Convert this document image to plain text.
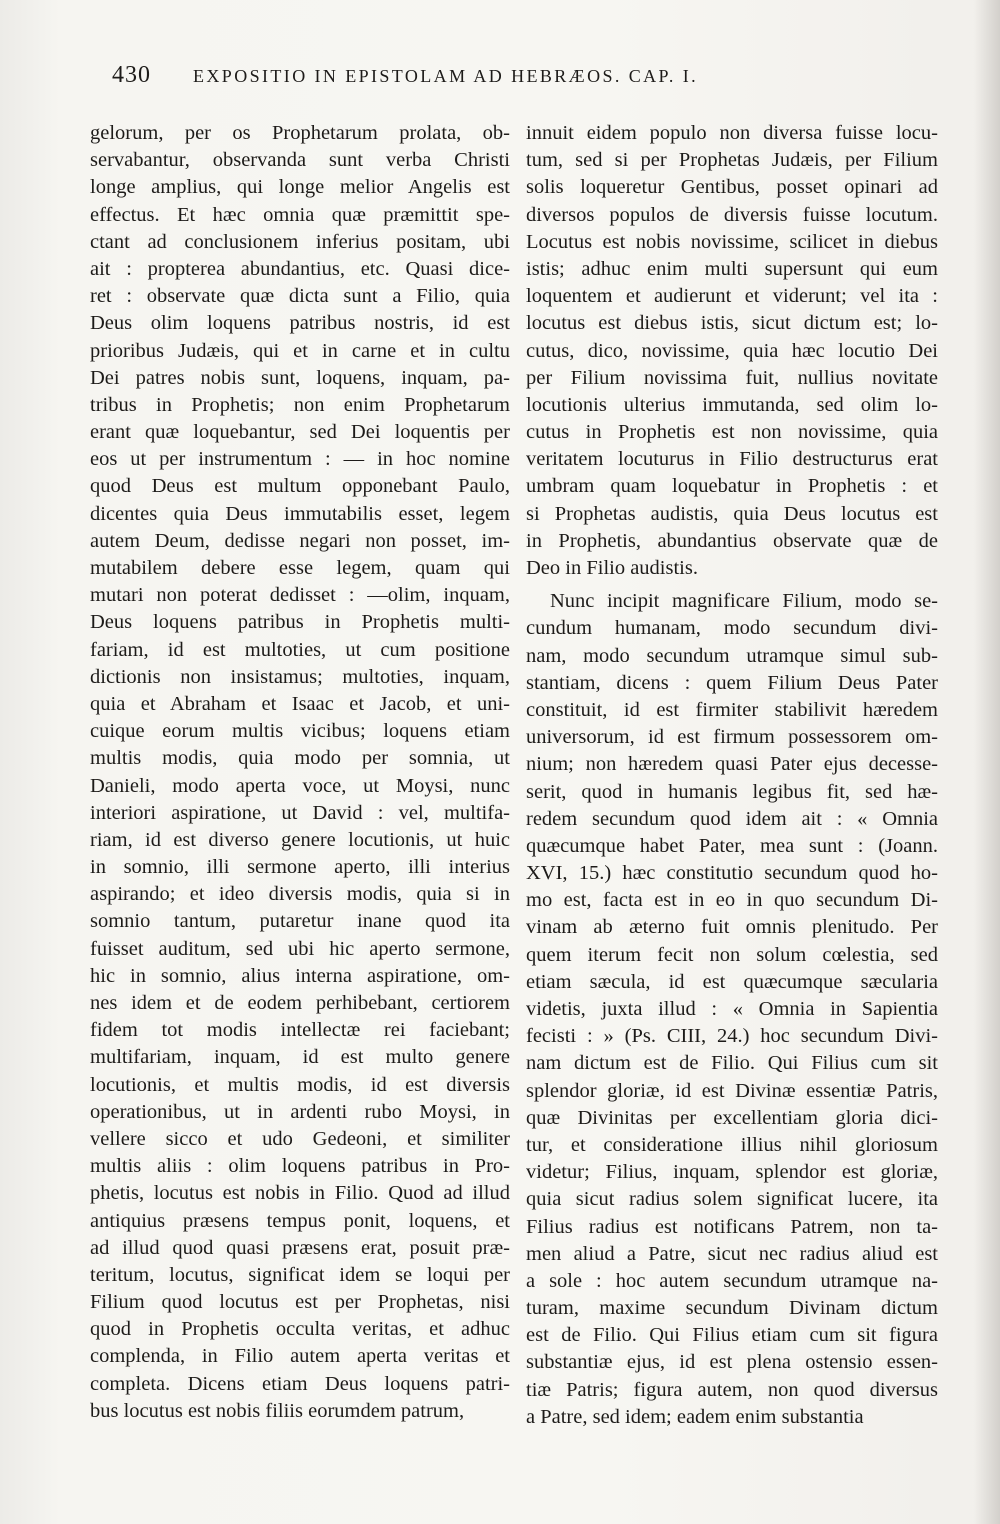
430 EXPOSITIO IN EPISTOLAM AD HEBRÆOS. CAP. I.
gelorum, per os Prophetarum prolata, ob-
servabantur, observanda sunt verba Christi
longe amplius, qui longe melior Angelis est
effectus. Et hæc omnia quæ præmittit spe-
ctant ad conclusionem inferius positam, ubi
ait : propterea abundantius, etc. Quasi dice-
ret : observate quæ dicta sunt a Filio, quia
Deus olim loquens patribus nostris, id est
prioribus Judæis, qui et in carne et in cultu
Dei patres nobis sunt, loquens, inquam, pa-
tribus in Prophetis; non enim Prophetarum
erant quæ loquebantur, sed Dei loquentis per
eos ut per instrumentum : — in hoc nomine
quod Deus est multum opponebant Paulo,
dicentes quia Deus immutabilis esset, legem
autem Deum, dedisse negari non posset, im-
mutabilem debere esse legem, quam qui
mutari non poterat dedisset : —olim, inquam,
Deus loquens patribus in Prophetis multi-
fariam, id est multoties, ut cum positione
dictionis non insistamus; multoties, inquam,
quia et Abraham et Isaac et Jacob, et uni-
cuique eorum multis vicibus; loquens etiam
multis modis, quia modo per somnia, ut
Danieli, modo aperta voce, ut Moysi, nunc
interiori aspiratione, ut David : vel, multifa-
riam, id est diverso genere locutionis, ut huic
in somnio, illi sermone aperto, illi interius
aspirando; et ideo diversis modis, quia si in
somnio tantum, putaretur inane quod ita
fuisset auditum, sed ubi hic aperto sermone,
hic in somnio, alius interna aspiratione, om-
nes idem et de eodem perhibebant, certiorem
fidem tot modis intellectæ rei faciebant;
multifariam, inquam, id est multo genere
locutionis, et multis modis, id est diversis
operationibus, ut in ardenti rubo Moysi, in
vellere sicco et udo Gedeoni, et similiter
multis aliis : olim loquens patribus in Pro-
phetis, locutus est nobis in Filio. Quod ad illud
antiquius præsens tempus ponit, loquens, et
ad illud quod quasi præsens erat, posuit præ-
teritum, locutus, significat idem se loqui per
Filium quod locutus est per Prophetas, nisi
quod in Prophetis occulta veritas, et adhuc
complenda, in Filio autem aperta veritas et
completa. Dicens etiam Deus loquens patri-
bus locutus est nobis filiis eorumdem patrum,
innuit eidem populo non diversa fuisse locu-
tum, sed si per Prophetas Judæis, per Filium
solis loqueretur Gentibus, posset opinari ad
diversos populos de diversis fuisse locutum.
Locutus est nobis novissime, scilicet in diebus
istis; adhuc enim multi supersunt qui eum
loquentem et audierunt et viderunt; vel ita :
locutus est diebus istis, sicut dictum est; lo-
cutus, dico, novissime, quia hæc locutio Dei
per Filium novissima fuit, nullius novitate
locutionis ulterius immutanda, sed olim lo-
cutus in Prophetis est non novissime, quia
veritatem locuturus in Filio destructurus erat
umbram quam loquebatur in Prophetis : et
si Prophetas audistis, quia Deus locutus est
in Prophetis, abundantius observate quæ de
Deo in Filio audistis.
Nunc incipit magnificare Filium, modo se-
cundum humanam, modo secundum divi-
nam, modo secundum utramque simul sub-
stantiam, dicens : quem Filium Deus Pater
constituit, id est firmiter stabilivit hæredem
universorum, id est firmum possessorem om-
nium; non hæredem quasi Pater ejus decesse-
serit, quod in humanis legibus fit, sed hæ-
redem secundum quod idem ait : « Omnia
quæcumque habet Pater, mea sunt : (Joann.
XVI, 15.) hæc constitutio secundum quod ho-
mo est, facta est in eo in quo secundum Di-
vinam ab æterno fuit omnis plenitudo. Per
quem iterum fecit non solum cœlestia, sed
etiam sæcula, id est quæcumque sæcularia
videtis, juxta illud : « Omnia in Sapientia
fecisti : » (Ps. CIII, 24.) hoc secundum Divi-
nam dictum est de Filio. Qui Filius cum sit
splendor gloriæ, id est Divinæ essentiæ Patris,
quæ Divinitas per excellentiam gloria dici-
tur, et consideratione illius nihil gloriosum
videtur; Filius, inquam, splendor est gloriæ,
quia sicut radius solem significat lucere, ita
Filius radius est notificans Patrem, non ta-
men aliud a Patre, sicut nec radius aliud est
a sole : hoc autem secundum utramque na-
turam, maxime secundum Divinam dictum
est de Filio. Qui Filius etiam cum sit figura
substantiæ ejus, id est plena ostensio essen-
tiæ Patris; figura autem, non quod diversus
a Patre, sed idem; eadem enim substantia
